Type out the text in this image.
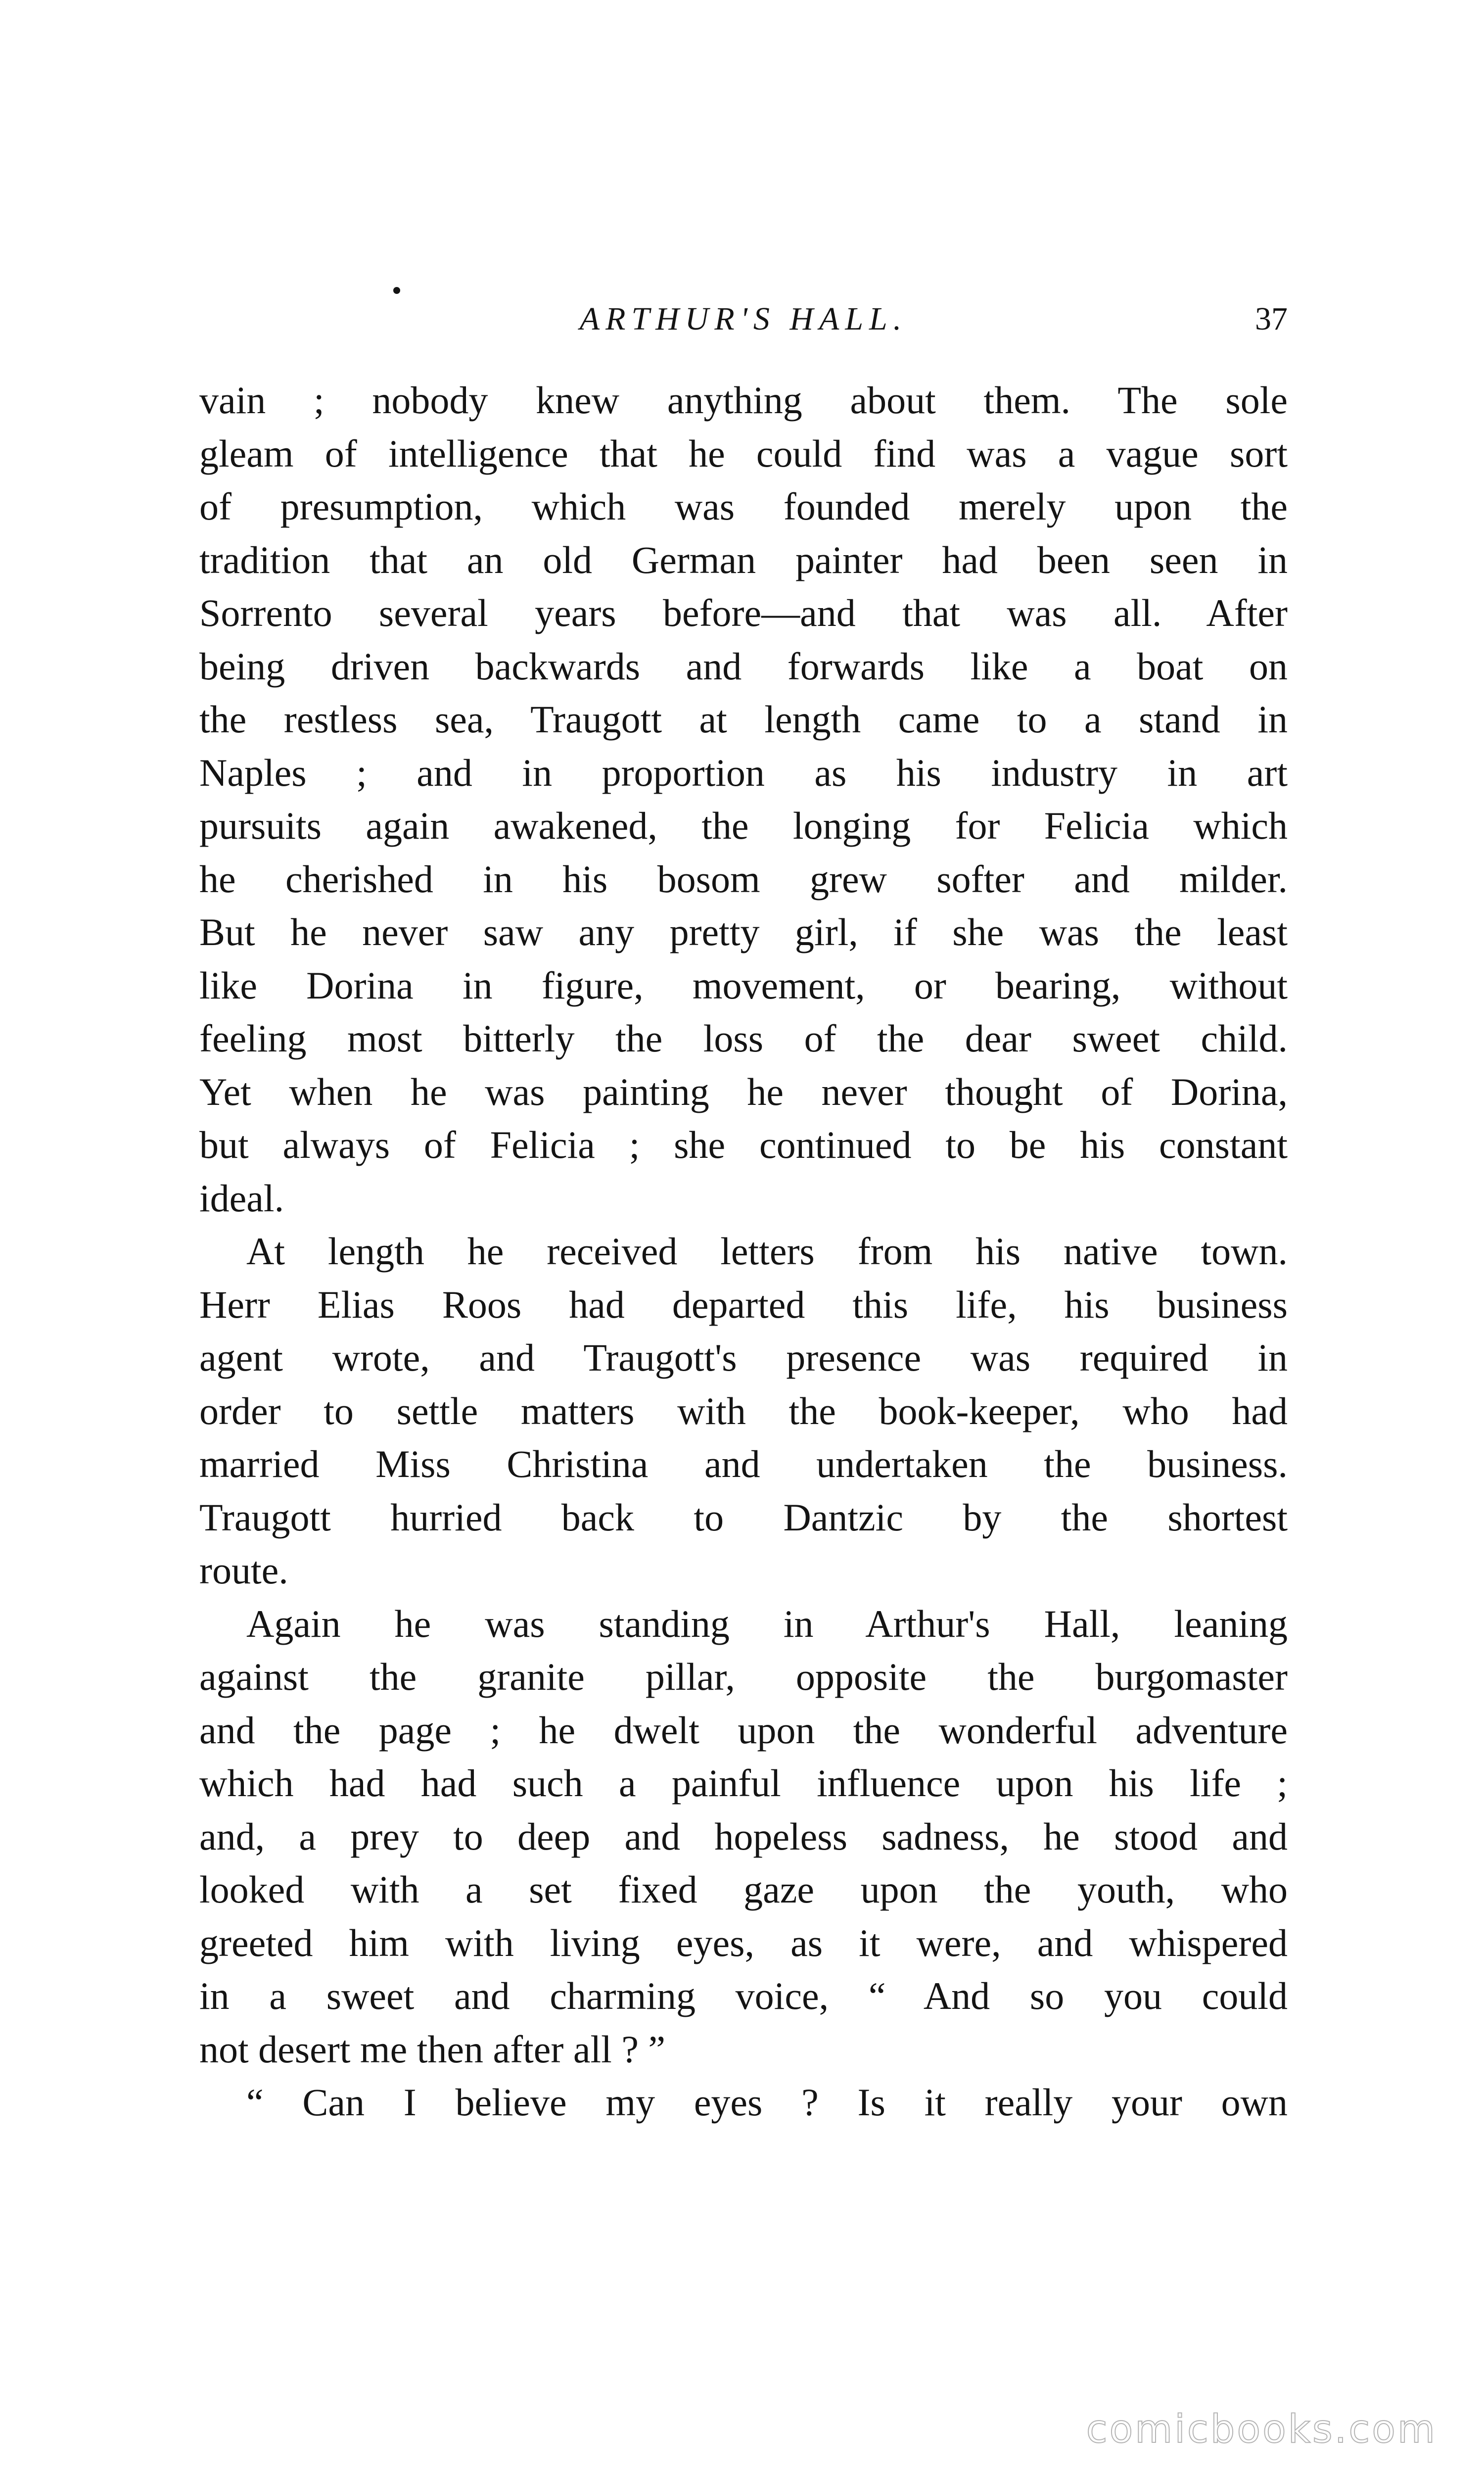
ARTHUR'S HALL.	37
vain ; nobody knew anything about them. The sole
gleam of intelligence that he could find was a vague sort
of presumption, which was founded merely upon the
tradition that an old German painter had been seen in
Sorrento several years before—and that was all. After
being driven backwards and forwards like a boat on
the restless sea, Traugott at length came to a stand in
Naples ; and in proportion as his industry in art
pursuits again awakened, the longing for Felicia which
he cherished in his bosom grew softer and milder.
But he never saw any pretty girl, if she was the least
like Dorina in figure, movement, or bearing, without
feeling most bitterly the loss of the dear sweet child.
Yet when he was painting he never thought of Dorina,
but always of Felicia ; she continued to be his constant
ideal.
At length he received letters from his native town.
Herr Elias Roos had departed this life, his business
agent wrote, and Traugott's presence was required in
order to settle matters with the book-keeper, who had
married Miss Christina and undertaken the business.
Traugott hurried back to Dantzic by the shortest
route.
Again he was standing in Arthur's Hall, leaning
against the granite pillar, opposite the burgomaster
and the page ; he dwelt upon the wonderful adventure
which had had such a painful influence upon his life ;
and, a prey to deep and hopeless sadness, he stood and
looked with a set fixed gaze upon the youth, who
greeted him with living eyes, as it were, and whispered
in a sweet and charming voice, “ And so you could
not desert me then after all ? ”
“ Can I believe my eyes ? Is it really your own
comicbooks.com
